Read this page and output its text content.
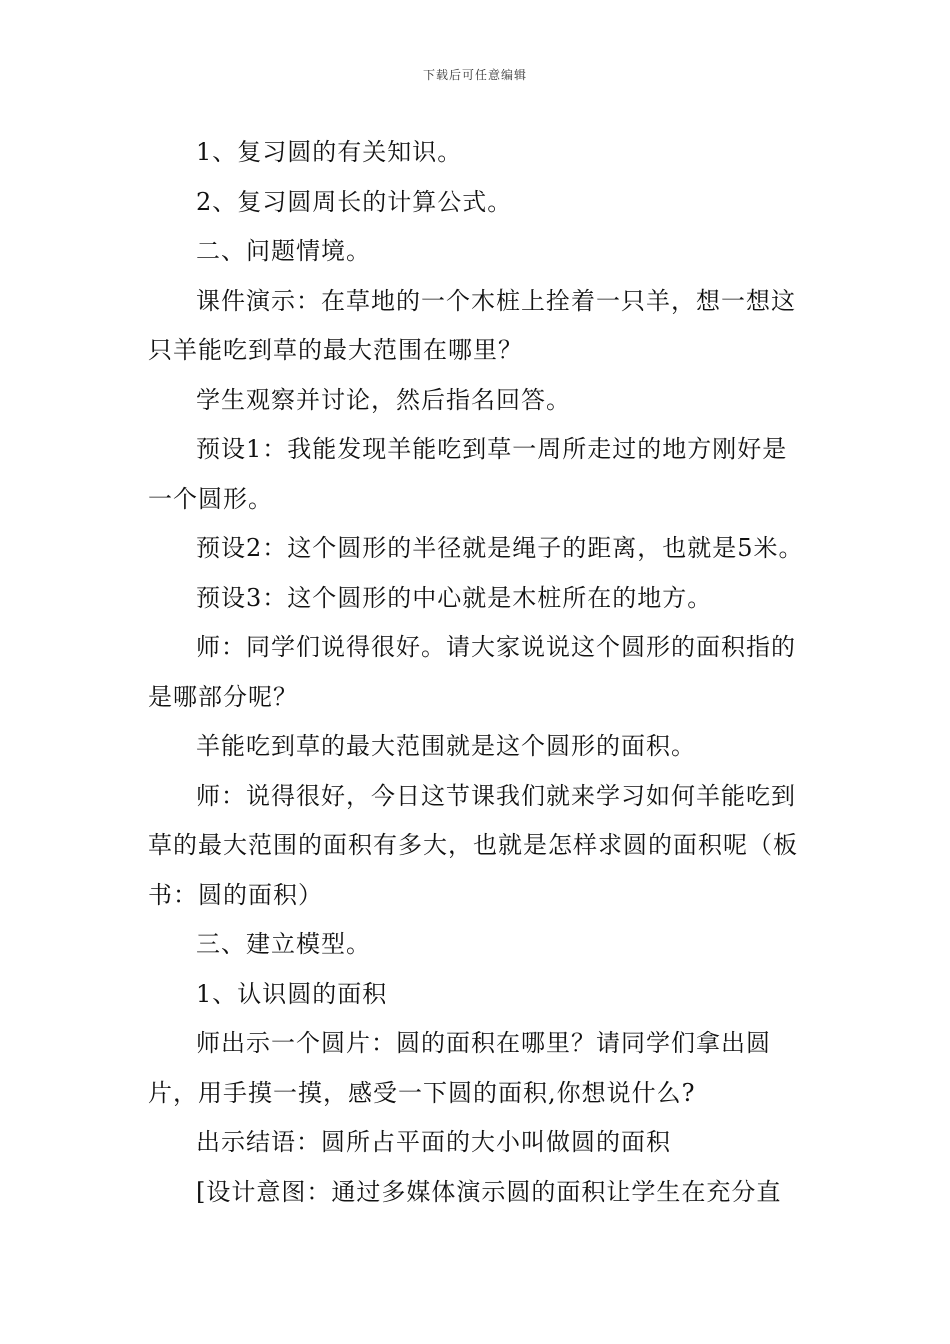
下载后可任意编辑

1、复习圆的有关知识。

2、复习圆周长的计算公式。

二、问题情境。

课件演示：在草地的一个木桩上拴着一只羊，想一想这只羊能吃到草的最大范围在哪里？

学生观察并讨论，然后指名回答。

预设1：我能发现羊能吃到草一周所走过的地方刚好是一个圆形。

预设2：这个圆形的半径就是绳子的距离，也就是5米。

预设3：这个圆形的中心就是木桩所在的地方。

师：同学们说得很好。请大家说说这个圆形的面积指的是哪部分呢？

羊能吃到草的最大范围就是这个圆形的面积。

师：说得很好，今日这节课我们就来学习如何羊能吃到草的最大范围的面积有多大，也就是怎样求圆的面积呢（板书：圆的面积）

三、建立模型。

1、认识圆的面积

师出示一个圆片：圆的面积在哪里？请同学们拿出圆片，用手摸一摸，感受一下圆的面积,你想说什么?

出示结语：圆所占平面的大小叫做圆的面积

[设计意图：通过多媒体演示圆的面积让学生在充分直
